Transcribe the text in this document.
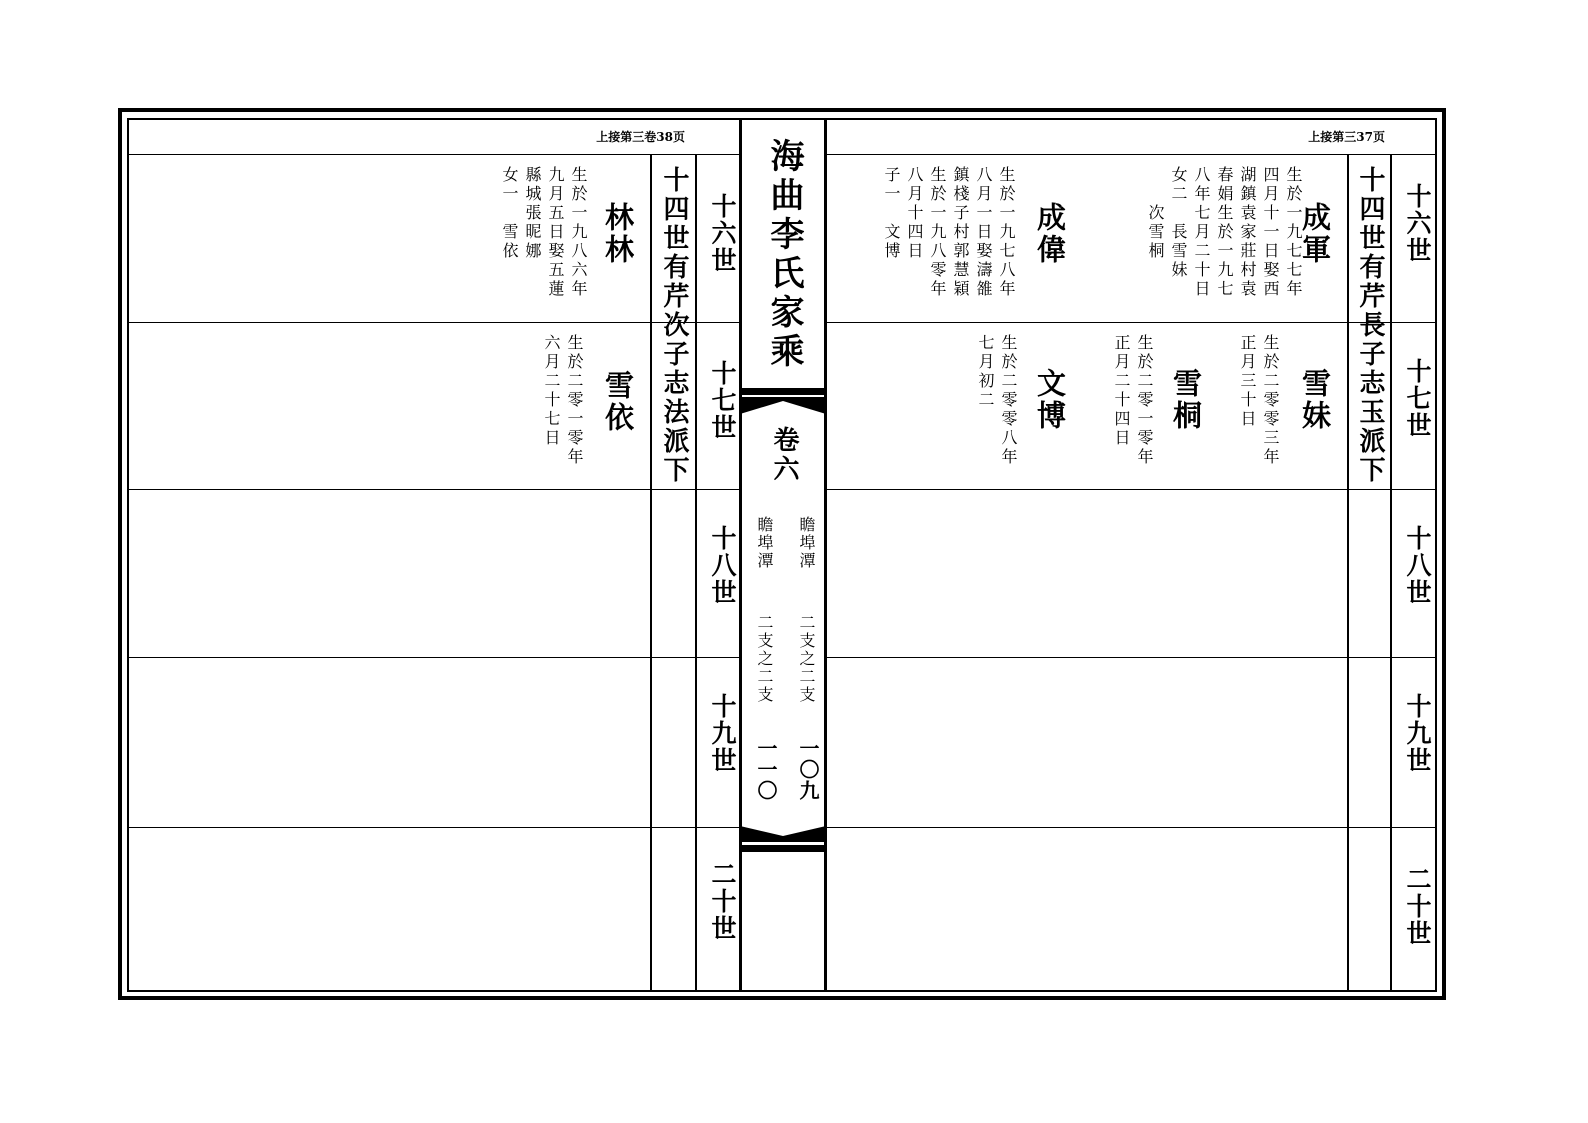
上接第三卷38页	上接第三37页
海曲李氏家乘
卷六
瞻埠潭
二支之二支
一〇九
瞻埠潭
二支之二支
一一〇
十六世
十七世
十八世
十九世
二十世
十六世
十七世
十八世
十九世
二十世
十四世有芹次子志法派下	十四世有芹長子志玉派下
成軍
生於一九七七年
四月十一日娶西
湖鎮袁家莊村袁
春娟生於一九七
八年七月二十日
女二　長雪妹
　　次雪桐
成偉
生於一九七八年
八月一日娶濤雒
鎮棧子村郭慧穎
生於一九八零年
八月十四日
子一　文博
雪妹
生於二零零三年
正月三十日
雪桐
生於二零一零年
正月二十四日
文博
生於二零零八年
七月初二
林林
生於一九八六年
九月五日娶五蓮
縣城張昵娜
女一　雪依
雪依
生於二零一零年
六月二十七日
